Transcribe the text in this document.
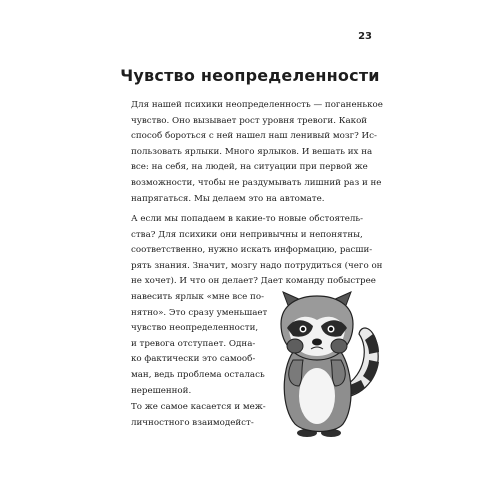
23
Чувство неопределенности

Для нашей психики неопределенность — поганенькое
чувство. Оно вызывает рост уровня тревоги. Какой
способ бороться с ней нашел наш ленивый мозг? Ис-
пользовать ярлыки. Много ярлыков. И вешать их на
все: на себя, на людей, на ситуации при первой же
возможности, чтобы не раздумывать лишний раз и не
напрягаться. Мы делаем это на автомате.

А если мы попадаем в какие-то новые обстоятель-
ства? Для психики они непривычны и непонятны,
соответственно, нужно искать информацию, расши-
рять знания. Значит, мозгу надо потрудиться (чего он
не хочет). И что он делает? Дает команду побыстрее
навесить ярлык «мне все по-
нятно». Это сразу уменьшает
чувство неопределенности,
и тревога отступает. Одна-
ко фактически это самооб-
ман, ведь проблема осталась
нерешенной.

То же самое касается и меж-
личностного взаимодейст-
